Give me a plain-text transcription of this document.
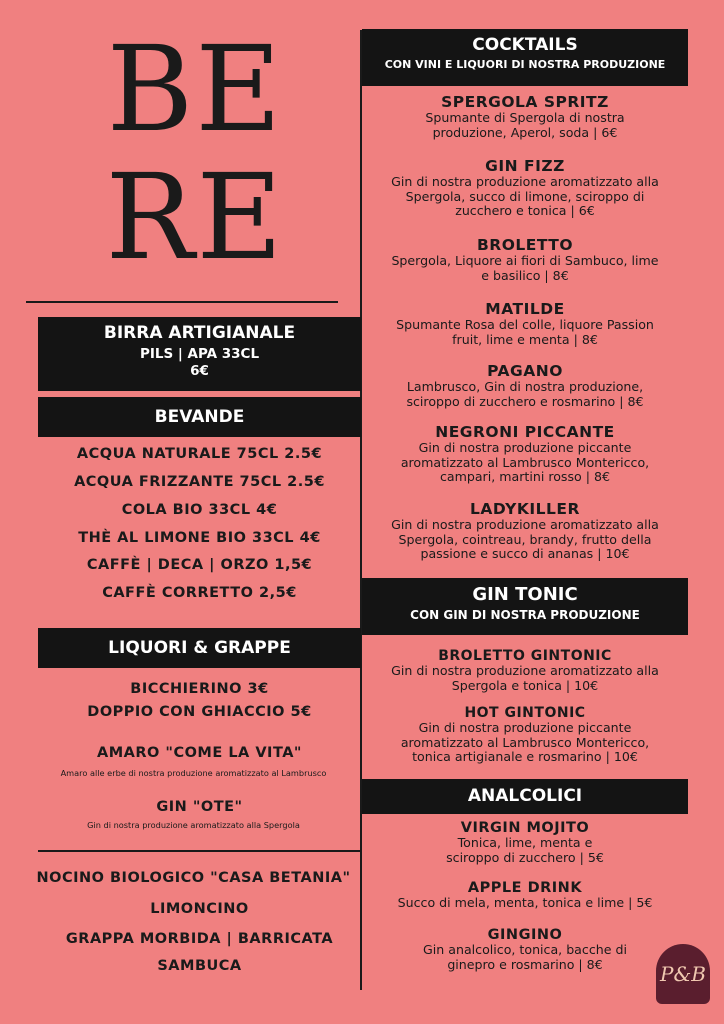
BE
RE
BIRRA ARTIGIANALE
PILS | APA 33CL
6€
BEVANDE
ACQUA NATURALE 75CL 2.5€
ACQUA FRIZZANTE 75CL 2.5€
COLA BIO 33CL 4€
THÈ AL LIMONE BIO 33CL 4€
CAFFÈ | DECA | ORZO 1,5€
CAFFÈ CORRETTO 2,5€
LIQUORI & GRAPPE
BICCHIERINO 3€
DOPPIO CON GHIACCIO 5€
AMARO "COME LA VITA"
Amaro alle erbe di nostra produzione aromatizzato al Lambrusco
GIN "OTE"
Gin di nostra produzione aromatizzato alla Spergola
NOCINO BIOLOGICO "CASA BETANIA"
LIMONCINO
GRAPPA MORBIDA | BARRICATA
SAMBUCA
COCKTAILS
CON VINI E LIQUORI DI NOSTRA PRODUZIONE
SPERGOLA SPRITZ
Spumante di Spergola di nostra
produzione, Aperol, soda | 6€
GIN FIZZ
Gin di nostra produzione aromatizzato alla
Spergola, succo di limone, sciroppo di
zucchero e tonica | 6€
BROLETTO
Spergola, Liquore ai fiori di Sambuco, lime
e basilico | 8€
MATILDE
Spumante Rosa del colle, liquore Passion
fruit, lime e menta | 8€
PAGANO
Lambrusco, Gin di nostra produzione,
sciroppo di zucchero e rosmarino | 8€
NEGRONI PICCANTE
Gin di nostra produzione piccante
aromatizzato al Lambrusco Montericco,
campari, martini rosso | 8€
LADYKILLER
Gin di nostra produzione aromatizzato alla
Spergola, cointreau, brandy, frutto della
passione e succo di ananas | 10€
GIN TONIC
CON GIN DI NOSTRA PRODUZIONE
BROLETTO GINTONIC
Gin di nostra produzione aromatizzato alla
Spergola e tonica | 10€
HOT GINTONIC
Gin di nostra produzione piccante
aromatizzato al Lambrusco Montericco,
tonica artigianale e rosmarino | 10€
ANALCOLICI
VIRGIN MOJITO
Tonica, lime, menta e
sciroppo di zucchero | 5€
APPLE DRINK
Succo di mela, menta, tonica e lime | 5€
GINGINO
Gin analcolico, tonica, bacche di
ginepro e rosmarino | 8€	P&B
